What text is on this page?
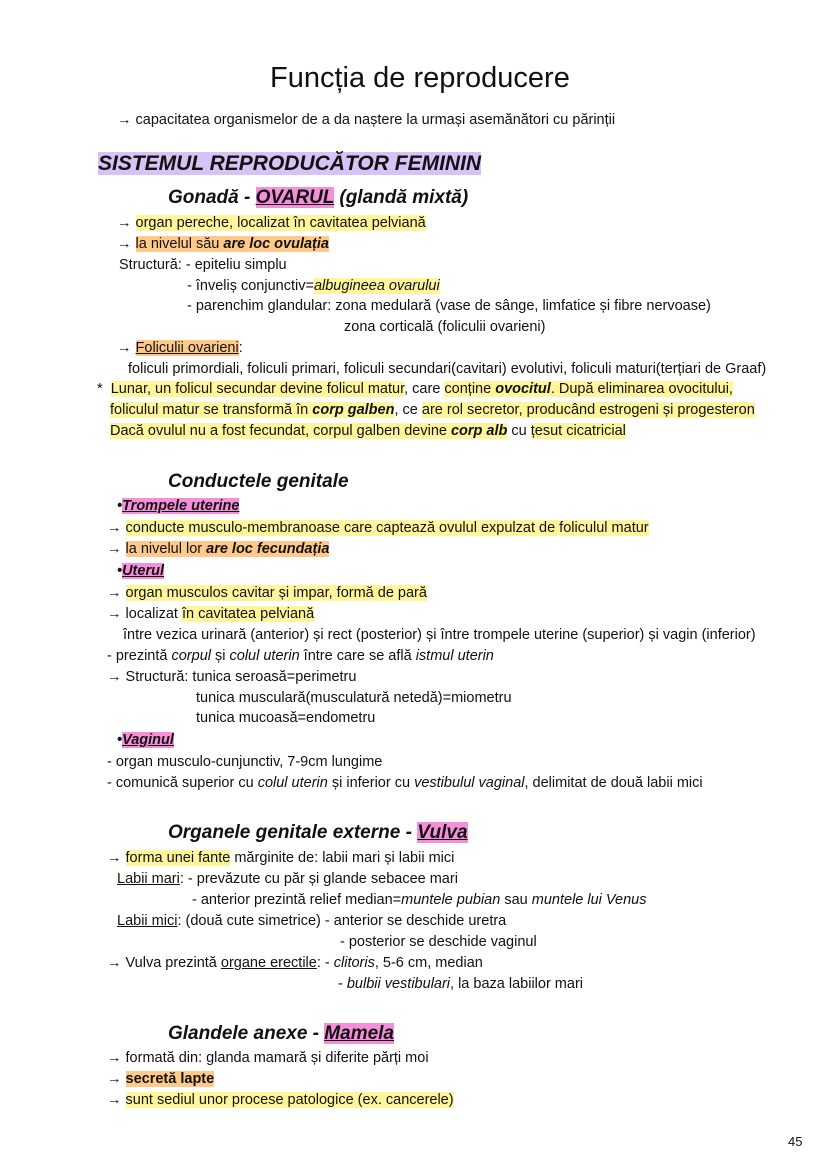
Funcția de reproducere
→ capacitatea organismelor de a da naștere la urmași asemănători cu părinții
SISTEMUL REPRODUCĂTOR FEMININ
Gonadă - OVARUL (glandă mixtă)
→ organ pereche, localizat în cavitatea pelviană
→ la nivelul său are loc ovulația
Structură: - epiteliu simplu
- înveliș conjunctiv=albugineea ovarului
- parenchim glandular: zona medulară (vase de sânge, limfatice și fibre nervoase)
zona corticală (foliculii ovarieni)
→ Foliculii ovarieni:
foliculi primordiali, foliculi primari, foliculi secundari(cavitari) evolutivi, foliculi maturi(terțiari de Graaf)
* Lunar, un folicul secundar devine folicul matur, care conține ovocitul. După eliminarea ovocitului,
foliculul matur se transformă în corp galben, ce are rol secretor, producând estrogeni și progesteron
Dacă ovulul nu a fost fecundat, corpul galben devine corp alb cu țesut cicatricial
Conductele genitale
•Trompele uterine
→ conducte musculo-membranoase care captează ovulul expulzat de foliculul matur
→ la nivelul lor are loc fecundația
•Uterul
→ organ musculos cavitar și impar, formă de pară
→ localizat în cavitatea pelviană
între vezica urinară (anterior) și rect (posterior) și între trompele uterine (superior) și vagin (inferior)
- prezintă corpul și colul uterin între care se află istmul uterin
→ Structură: tunica seroasă=perimetru
tunica musculară(musculatură netedă)=miometru
tunica mucoasă=endometru
•Vaginul
- organ musculo-cunjunctiv, 7-9cm lungime
- comunică superior cu colul uterin și inferior cu vestibulul vaginal, delimitat de două labii mici
Organele genitale externe - Vulva
→ forma unei fante mărginite de: labii mari și labii mici
Labii mari: - prevăzute cu păr și glande sebacee mari
- anterior prezintă relief median=muntele pubian sau muntele lui Venus
Labii mici: (două cute simetrice) - anterior se deschide uretra
- posterior se deschide vaginul
→ Vulva prezintă organe erectile: - clitoris, 5-6 cm, median
- bulbii vestibulari, la baza labiilor mari
Glandele anexe - Mamela
→ formată din: glanda mamară și diferite părți moi
→ secretă lapte
→ sunt sediul unor procese patologice (ex. cancerele)
45
